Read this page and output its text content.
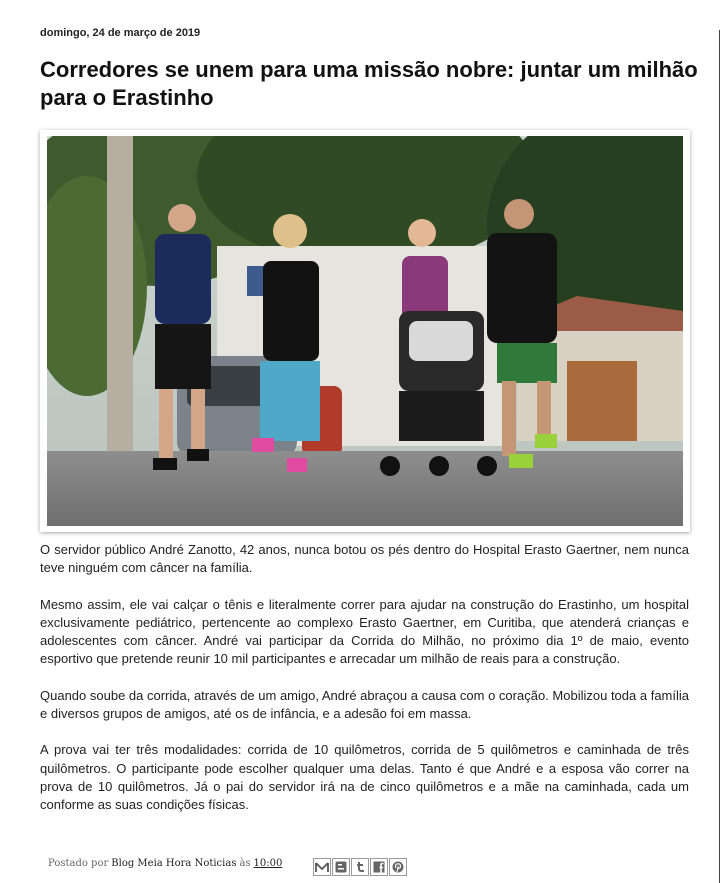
domingo, 24 de março de 2019
Corredores se unem para uma missão nobre: juntar um milhão para o Erastinho

O servidor público André Zanotto, 42 anos, nunca botou os pés dentro do Hospital Erasto Gaertner, nem nunca teve ninguém com câncer na família.

Mesmo assim, ele vai calçar o tênis e literalmente correr para ajudar na construção do Erastinho, um hospital exclusivamente pediátrico, pertencente ao complexo Erasto Gaertner, em Curitiba, que atenderá crianças e adolescentes com câncer. André vai participar da Corrida do Milhão, no próximo dia 1º de maio, evento esportivo que pretende reunir 10 mil participantes e arrecadar um milhão de reais para a construção.

Quando soube da corrida, através de um amigo, André abraçou a causa com o coração. Mobilizou toda a família e diversos grupos de amigos, até os de infância, e a adesão foi em massa.

A prova vai ter três modalidades: corrida de 10 quilômetros, corrida de 5 quilômetros e caminhada de três quilômetros. O participante pode escolher qualquer uma delas. Tanto é que André e a esposa vão correr na prova de 10 quilômetros. Já o pai do servidor irá na de cinco quilômetros e a mãe na caminhada, cada um conforme as suas condições físicas.

Postado por Blog Meia Hora Noticias às 10:00
